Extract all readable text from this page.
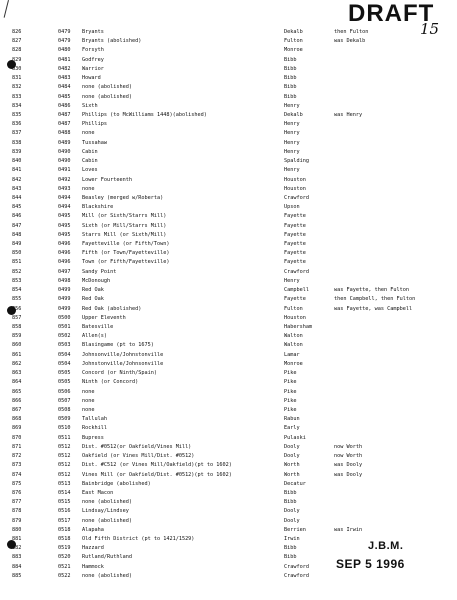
DRAFT
15
826	0479 Bryants	Dekalb	then Fulton
827	0479 Bryants (abolished)	Fulton	was Dekalb
828	0480 Forsyth	Monroe
829	0481 Godfrey	Bibb
830	0482 Warrior	Bibb
831	0483 Howard	Bibb
832	0484 none (abolished)	Bibb
833	0485 none (abolished)	Bibb
834	0486 Sixth	Henry
835	0487 Phillips (to McWilliams 1448)(abolished)	Dekalb	was Henry
836	0487 Phillips	Henry
837	0488 none	Henry
838	0489 Tussahaw	Henry
839	0490 Cabin	Henry
840	0490 Cabin	Spalding
841	0491 Loves	Henry
842	0492 Lower Fourteenth	Houston
843	0493 none	Houston
844	0494 Beasley (merged w/Roberta)	Crawford
845	0494 Blackshire	Upson
846	0495 Mill (or Sixth/Starrs Mill)	Fayette
847	0495 Sixth (or Mill/Starrs Mill)	Fayette
848	0495 Starrs Mill (or Sixth/Mill)	Fayette
849	0496 Fayetteville (or Fifth/Town)	Fayette
850	0496 Fifth (or Town/Fayetteville)	Fayette
851	0496 Town (or Fifth/Fayetteville)	Fayette
852	0497 Sandy Point	Crawford
853	0498 McDonough	Henry
854	0499 Red Oak	Campbell	was Fayette, then Fulton
855	0499 Red Oak	Fayette	then Campbell, then Fulton
856	0499 Red Oak (abolished)	Fulton	was Fayette, was Campbell
857	0500 Upper Eleventh	Houston
858	0501 Batesville	Habersham
859	0502 Allen(s)	Walton
860	0503 Blasingame (pt to 1675)	Walton
861	0504 Johnsonville/Johnstonville	Lamar
862	0504 Johnstonville/Johnsonville	Monroe
863	0505 Concord (or Ninth/Spain)	Pike
864	0505 Ninth (or Concord)	Pike
865	0506 none	Pike
866	0507 none	Pike
867	0508 none	Pike
868	0509 Tallulah	Rabun
869	0510 Rockhill	Early
870	0511 Bupress	Pulaski
871	0512 Dist. #0512(or Oakfield/Vines Mill)	Dooly	now Worth
872	0512 Oakfield (or Vines Mill/Dist. #0512)	Dooly	now Worth
873	0512 Dist. #C512 (or Vines Mill/Oakfield)(pt to 1602)	Worth	was Dooly
874	0512 Vines Mill (or Oakfield/Dist. #0512)(pt to 1602)	Worth	was Dooly
875	0513 Bainbridge (abolished)	Decatur
876	0514 East Macon	Bibb
877	0515 none (abolished)	Bibb
878	0516 Lindsay/Lindsey	Dooly
879	0517 none (abolished)	Dooly
880	0518 Alapaha	Berrien	was Irwin
881	0518 Old Fifth District (pt to 1421/1529)	Irwin
882	0519 Hazzard	Bibb
883	0520 Rutland/Ruthland	Bibb
884	0521 Hammock	Crawford
885	0522 none (abolished)	Crawford
J.B.M.
SEP 5 1996
